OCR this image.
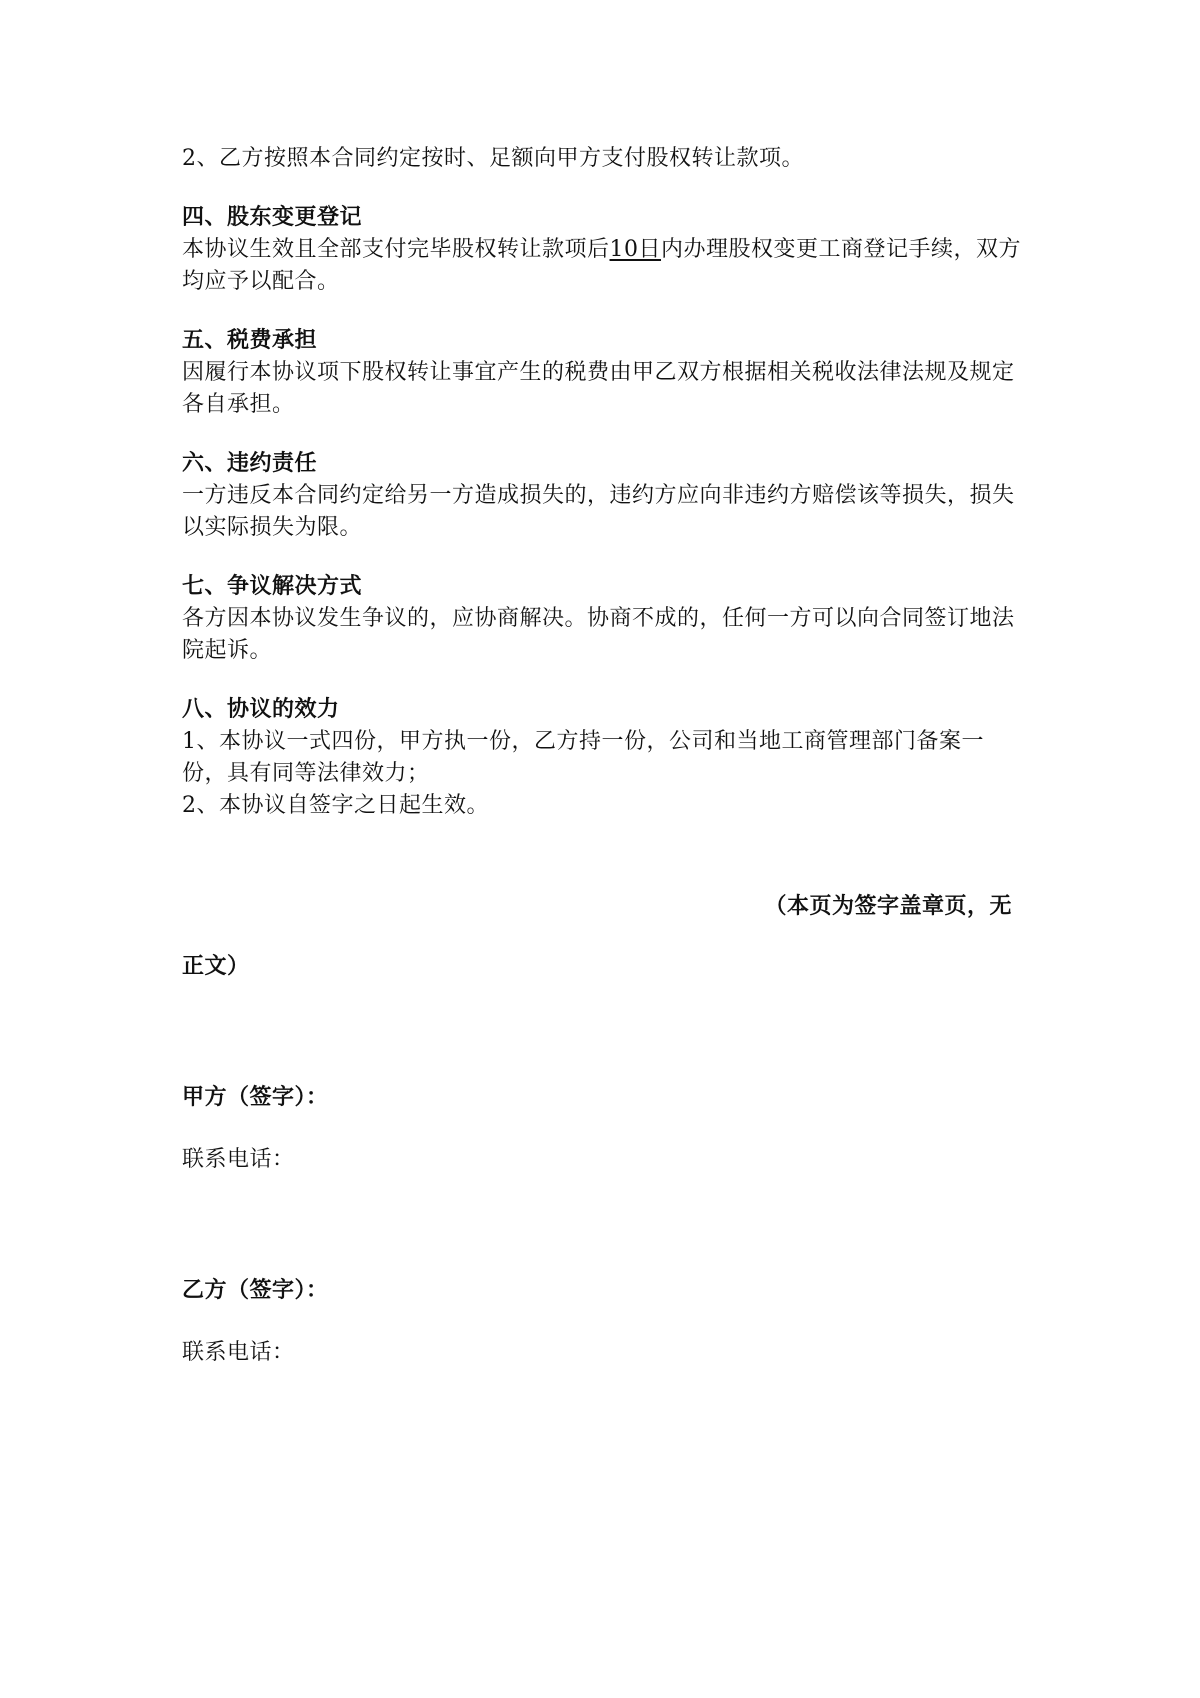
2、乙方按照本合同约定按时、足额向甲方支付股权转让款项。

四、股东变更登记

本协议生效且全部支付完毕股权转让款项后10日内办理股权变更工商登记手续，双方均应予以配合。

五、税费承担

因履行本协议项下股权转让事宜产生的税费由甲乙双方根据相关税收法律法规及规定各自承担。

六、违约责任

一方违反本合同约定给另一方造成损失的，违约方应向非违约方赔偿该等损失，损失以实际损失为限。

七、争议解决方式

各方因本协议发生争议的，应协商解决。协商不成的，任何一方可以向合同签订地法院起诉。

八、协议的效力

1、本协议一式四份，甲方执一份，乙方持一份，公司和当地工商管理部门备案一份，具有同等法律效力；

2、本协议自签字之日起生效。

（本页为签字盖章页，无

正文）

甲方（签字）：

联系电话：

乙方（签字）：

联系电话：
